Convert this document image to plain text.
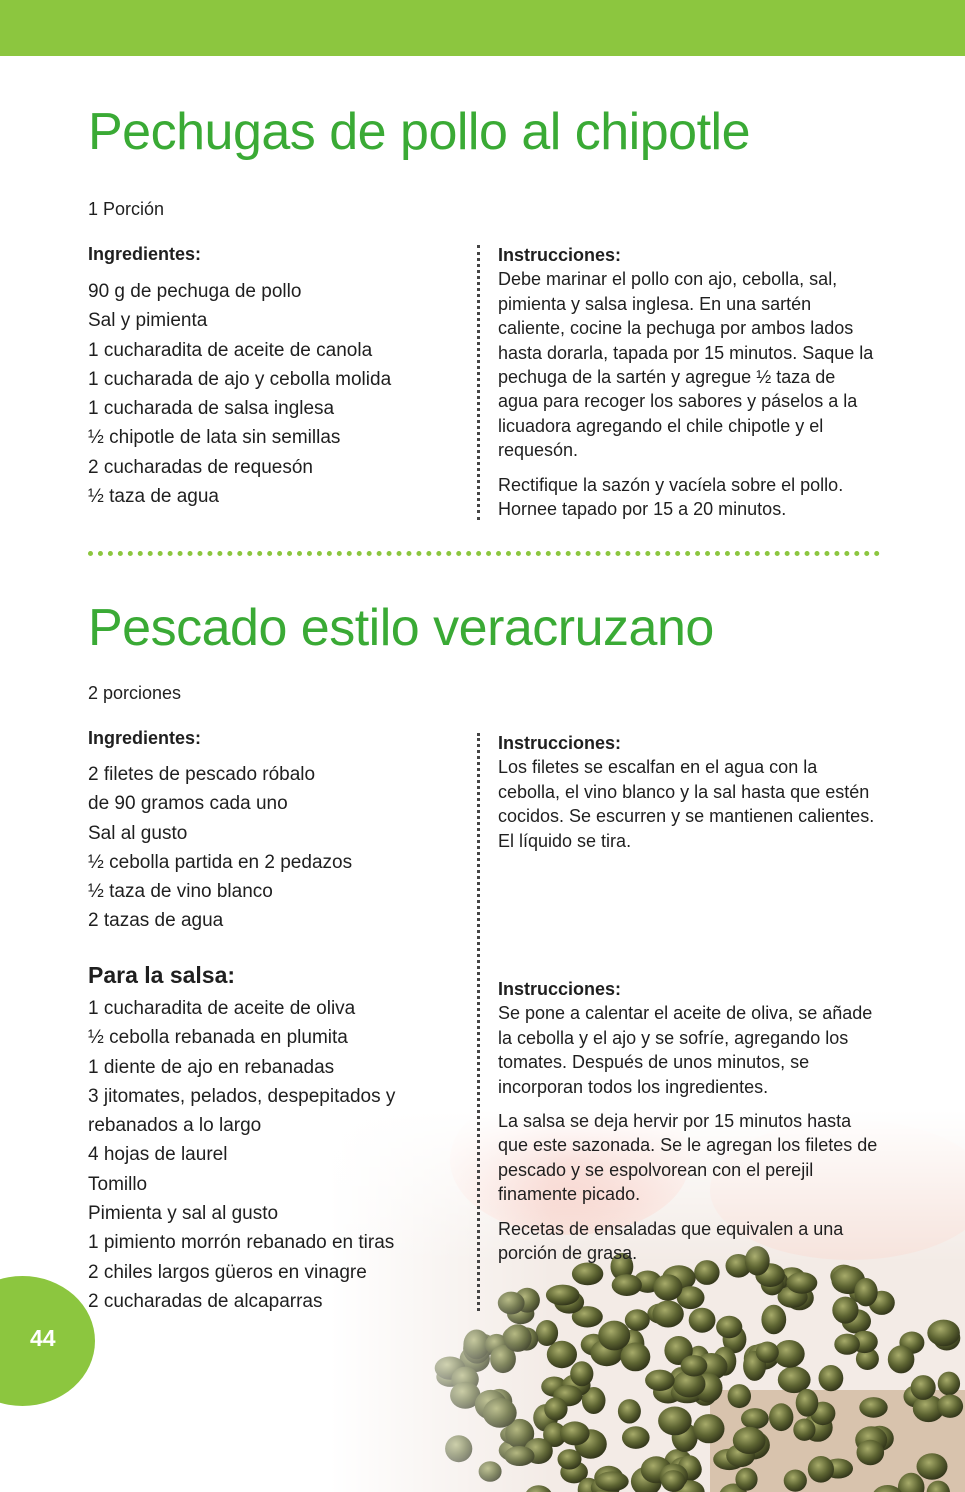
Pechugas de pollo al chipotle

1 Porción

Ingredientes:

90 g de pechuga de pollo
Sal y pimienta
1 cucharadita de aceite de canola
1 cucharada de ajo y cebolla molida
1 cucharada de salsa inglesa
½ chipotle de lata sin semillas
2 cucharadas de requesón
½ taza de agua
Instrucciones:

Debe marinar el pollo con ajo, cebolla, sal, pimienta y salsa inglesa. En una sartén caliente, cocine la pechuga por ambos lados hasta dorarla, tapada por 15 minutos. Saque la pechuga de la sartén y agregue ½ taza de agua para recoger los sabores y páselos a la licuadora agregando el chile chipotle y el requesón.

Rectifique la sazón y vacíela sobre el pollo. Hornee tapado por 15 a 20 minutos.

Pescado estilo veracruzano

2 porciones

Ingredientes:

2 filetes de pescado róbalo
de 90 gramos cada uno
Sal al gusto
½ cebolla partida en 2 pedazos
½ taza de vino blanco
2 tazas de agua
Instrucciones:

Los filetes se escalfan en el agua con la cebolla, el vino blanco y la sal hasta que estén cocidos. Se escurren y se mantienen calientes. El líquido se tira.

Para la salsa:

1 cucharadita de aceite de oliva
½ cebolla rebanada en plumita
1 diente de ajo en rebanadas
3 jitomates, pelados, despepitados y
rebanados a lo largo
4 hojas de laurel
Tomillo
Pimienta y sal al gusto
1 pimiento morrón rebanado en tiras
2 chiles largos güeros en vinagre
2 cucharadas de alcaparras
Instrucciones:

Se pone a calentar el aceite de oliva, se añade la cebolla y el ajo y se sofríe, agregando los tomates. Después de unos minutos, se incorporan todos los ingredientes.

La salsa se deja hervir por 15 minutos hasta que este sazonada. Se le agregan los filetes de pescado y se espolvorean con el perejil finamente picado.

Recetas de ensaladas que equivalen a una porción de grasa.

44
